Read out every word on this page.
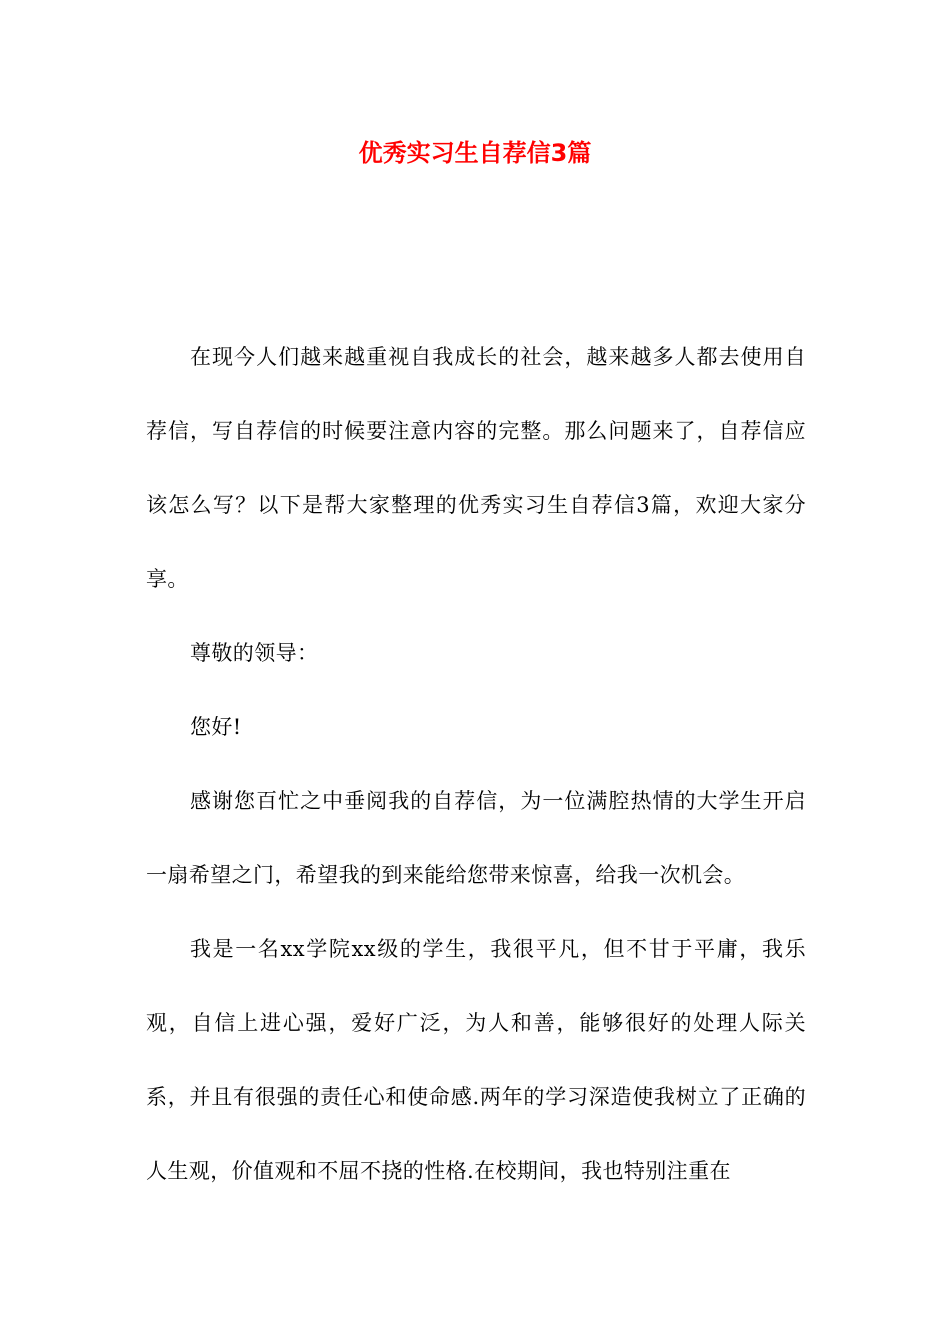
优秀实习生自荐信3篇

在现今人们越来越重视自我成长的社会，越来越多人都去使用自荐信，写自荐信的时候要注意内容的完整。那么问题来了，自荐信应该怎么写？以下是帮大家整理的优秀实习生自荐信3篇，欢迎大家分享。

尊敬的领导：

您好!

感谢您百忙之中垂阅我的自荐信，为一位满腔热情的大学生开启一扇希望之门，希望我的到来能给您带来惊喜，给我一次机会。

我是一名xx学院xx级的学生，我很平凡，但不甘于平庸，我乐观，自信上进心强，爱好广泛，为人和善，能够很好的处理人际关系，并且有很强的责任心和使命感.两年的学习深造使我树立了正确的人生观，价值观和不屈不挠的性格.在校期间，我也特别注重在
